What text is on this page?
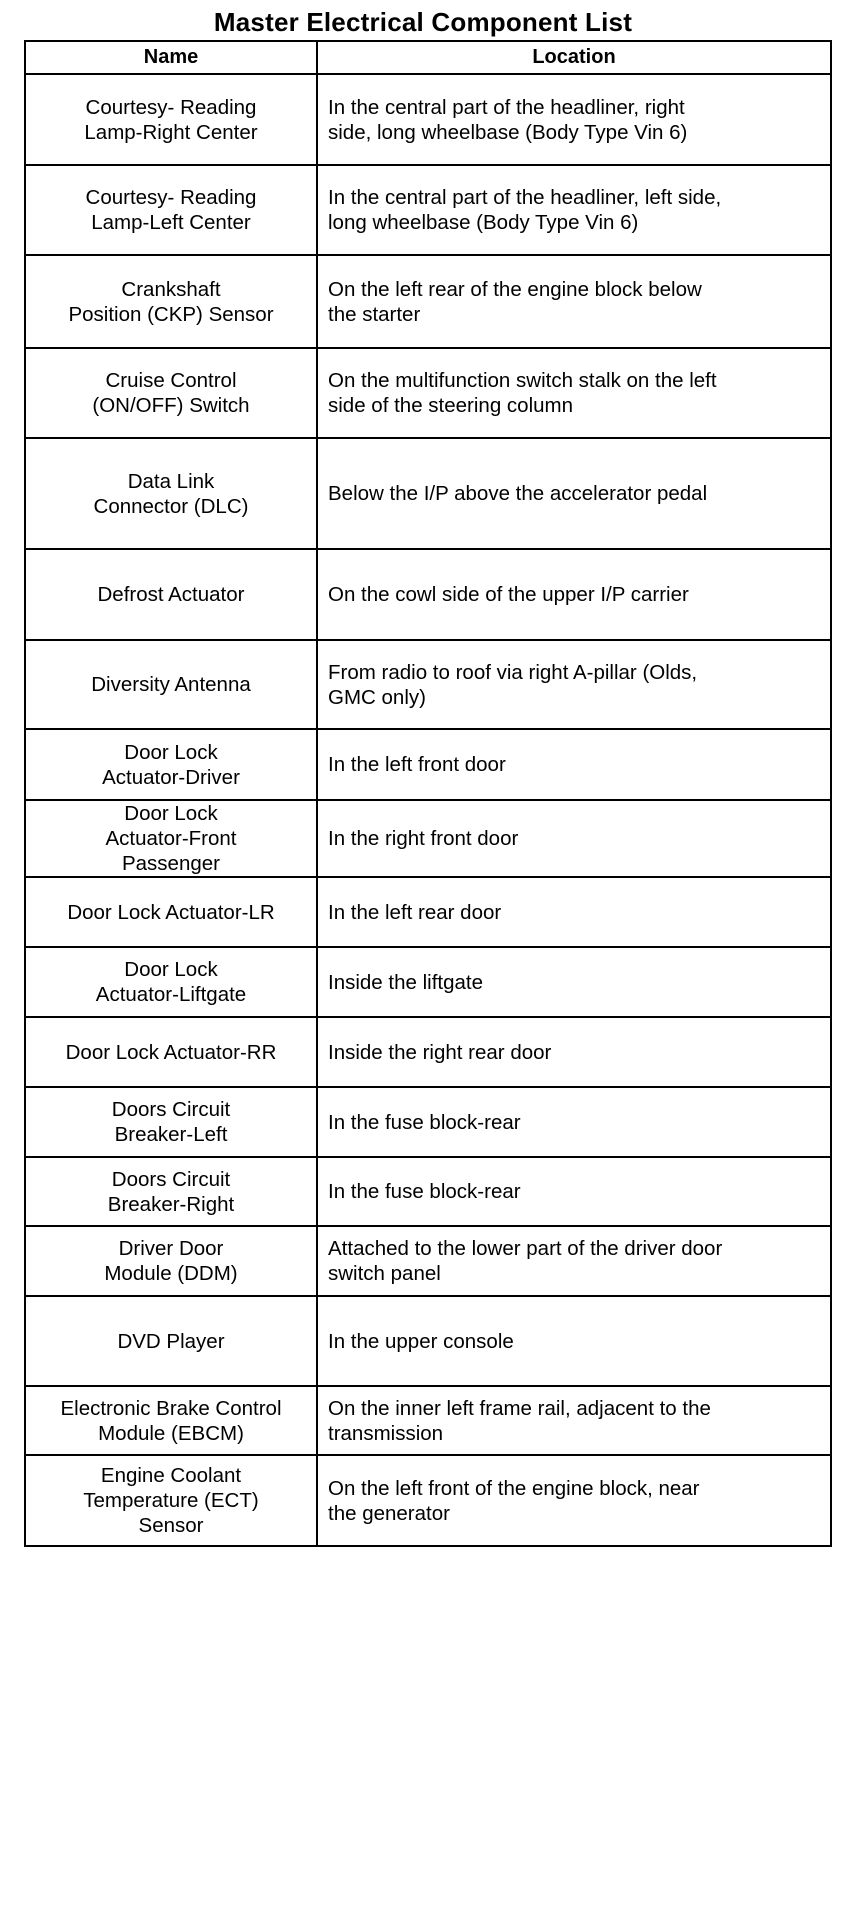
Master Electrical Component List
Name	Location

Courtesy- Reading
Lamp-Right Center	In the central part of the headliner, right
side, long wheelbase (Body Type Vin 6)

Courtesy- Reading
Lamp-Left Center	In the central part of the headliner, left side,
long wheelbase (Body Type Vin 6)

Crankshaft
Position (CKP) Sensor	On the left rear of the engine block below
the starter

Cruise Control
(ON/OFF) Switch	On the multifunction switch stalk on the left
side of the steering column

Data Link
Connector (DLC)	Below the I/P above the accelerator pedal

Defrost Actuator	On the cowl side of the upper I/P carrier

Diversity Antenna	From radio to roof via right A-pillar (Olds,
GMC only)

Door Lock
Actuator-Driver	In the left front door

Door Lock
Actuator-Front
Passenger	In the right front door

Door Lock Actuator-LR	In the left rear door

Door Lock
Actuator-Liftgate	Inside the liftgate

Door Lock Actuator-RR	Inside the right rear door

Doors Circuit
Breaker-Left	In the fuse block-rear

Doors Circuit
Breaker-Right	In the fuse block-rear

Driver Door
Module (DDM)	Attached to the lower part of the driver door
switch panel

DVD Player	In the upper console

Electronic Brake Control
Module (EBCM)	On the inner left frame rail, adjacent to the
transmission

Engine Coolant
Temperature (ECT)
Sensor	On the left front of the engine block, near
the generator
